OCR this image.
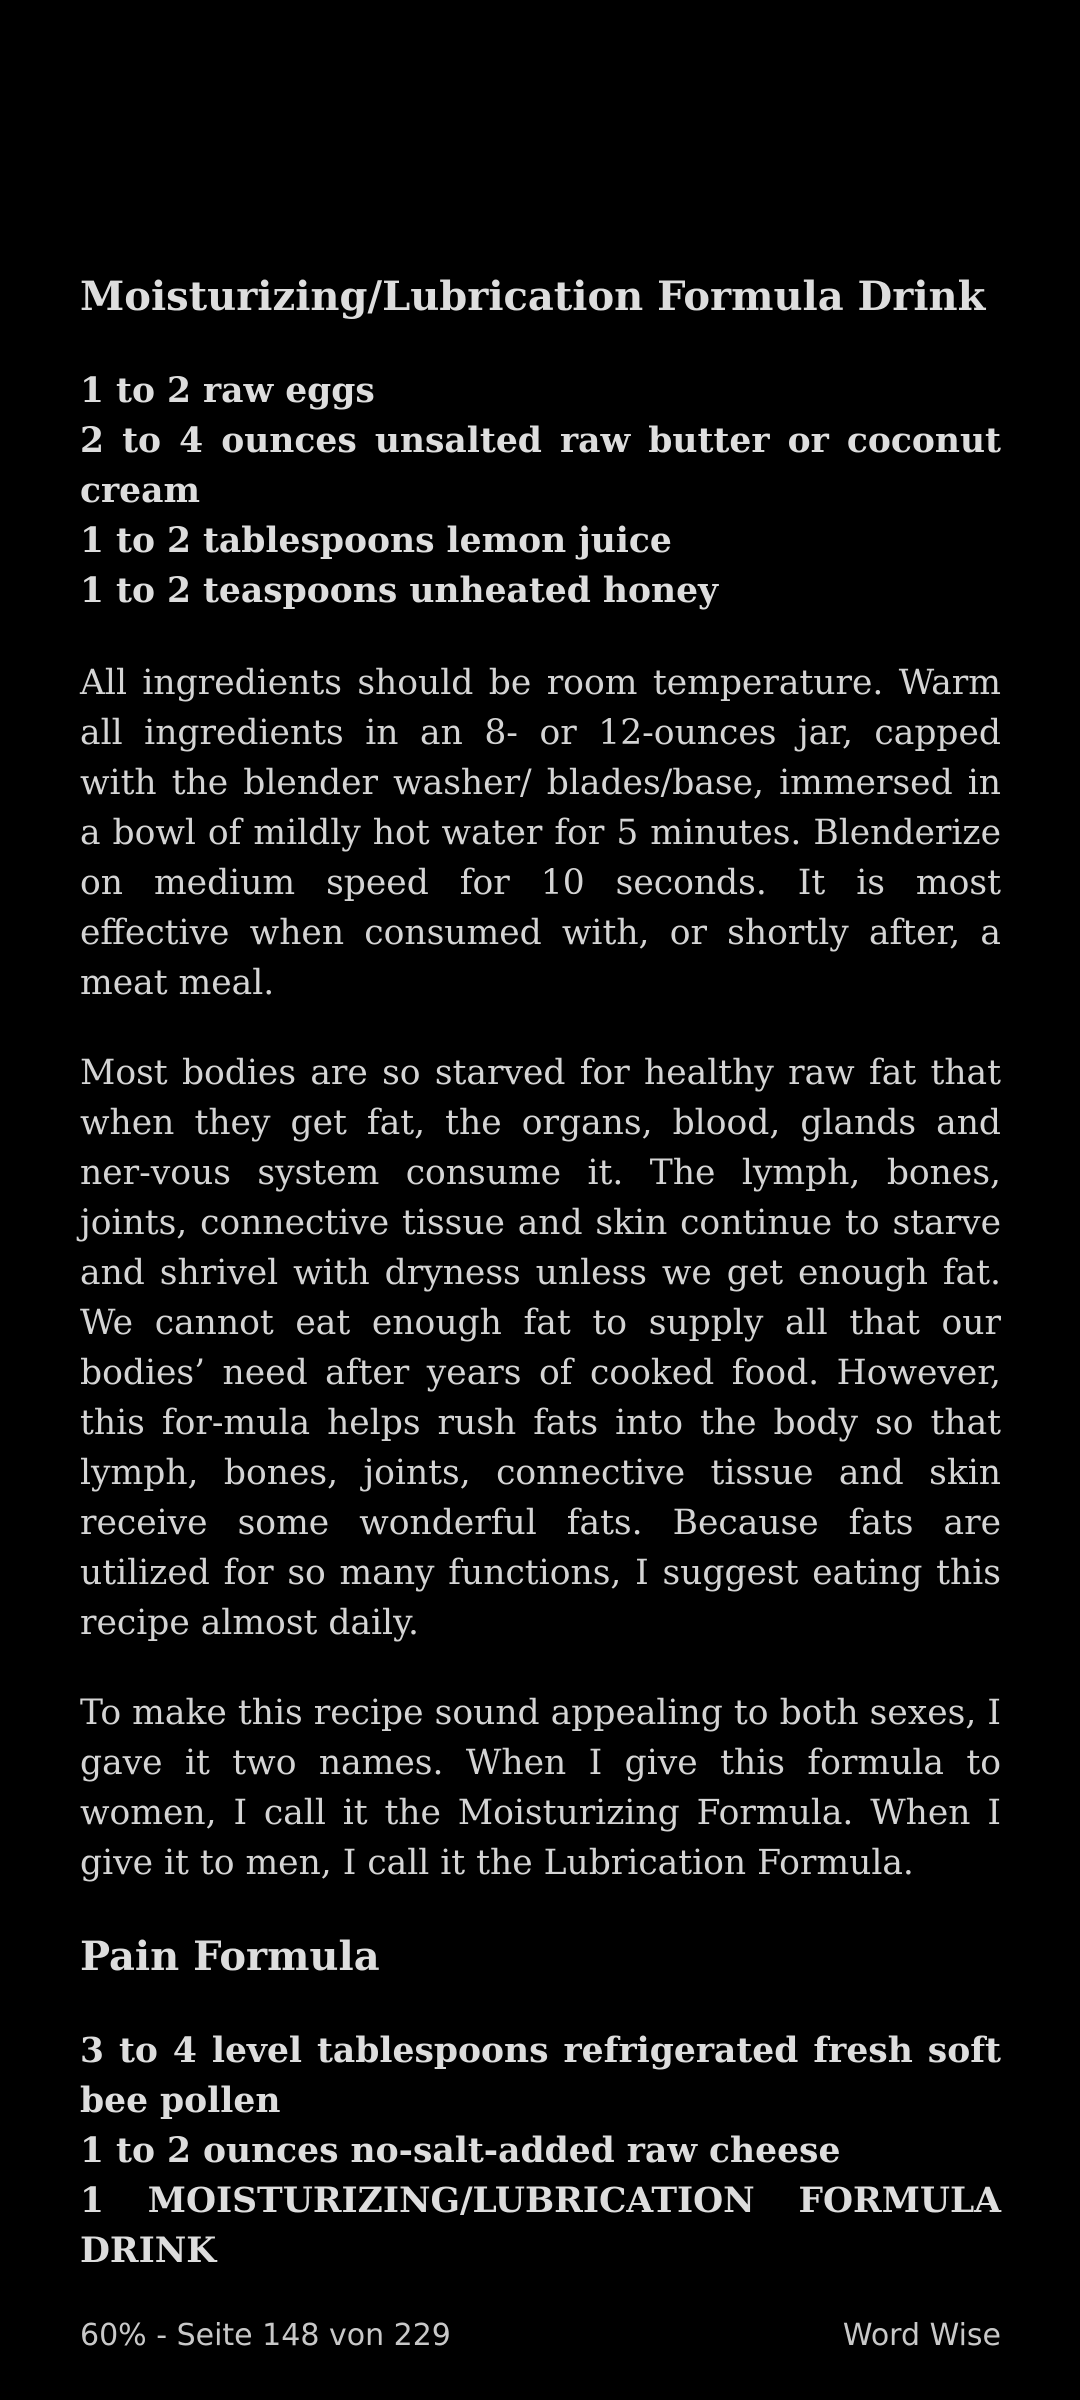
Moisturizing/Lubrication Formula Drink
1 to 2 raw eggs
2 to 4 ounces unsalted raw butter or coconut cream
1 to 2 tablespoons lemon juice
1 to 2 teaspoons unheated honey
All ingredients should be room temperature. Warm all ingredients in an 8- or 12-ounces jar, capped with the blender washer/ blades/base, immersed in a bowl of mildly hot water for 5 minutes. Blenderize on medium speed for 10 seconds. It is most effective when consumed with, or shortly after, a meat meal.
Most bodies are so starved for healthy raw fat that when they get fat, the organs, blood, glands and ner-vous system consume it. The lymph, bones, joints, connective tissue and skin continue to starve and shrivel with dryness unless we get enough fat. We cannot eat enough fat to supply all that our bodies’ need after years of cooked food. However, this for-mula helps rush fats into the body so that lymph, bones, joints, connective tissue and skin receive some wonderful fats. Because fats are utilized for so many functions, I suggest eating this recipe almost daily.
To make this recipe sound appealing to both sexes, I gave it two names. When I give this formula to women, I call it the Moisturizing Formula. When I give it to men, I call it the Lubrication Formula.
Pain Formula
3 to 4 level tablespoons refrigerated fresh soft bee pollen
1 to 2 ounces no-salt-added raw cheese
1 MOISTURIZING/LUBRICATION FORMULA DRINK
60% - Seite 148 von 229	Word Wise
